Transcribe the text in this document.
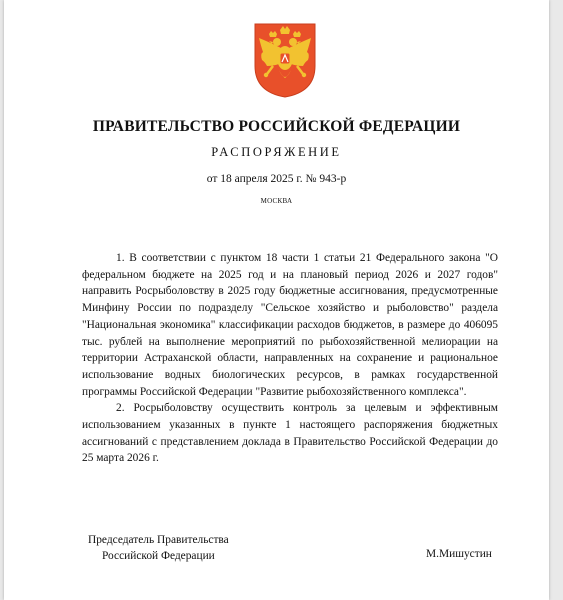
ПРАВИТЕЛЬСТВО РОССИЙСКОЙ ФЕДЕРАЦИИ
РАСПОРЯЖЕНИЕ
от 18 апреля 2025 г. № 943-р
МОСКВА

1. В соответствии с пунктом 18 части 1 статьи 21 Федерального закона "О федеральном бюджете на 2025 год и на плановый период 2026 и 2027 годов" направить Росрыболовству в 2025 году бюджетные ассигнования, предусмотренные Минфину России по подразделу "Сельское хозяйство и рыболовство" раздела "Национальная экономика" классификации расходов бюджетов, в размере до 406095 тыс. рублей на выполнение мероприятий по рыбохозяйственной мелиорации на территории Астраханской области, направленных на сохранение и рациональное использование водных биологических ресурсов, в рамках государственной программы Российской Федерации "Развитие рыбохозяйственного комплекса".

2. Росрыболовству осуществить контроль за целевым и эффективным использованием указанных в пункте 1 настоящего распоряжения бюджетных ассигнований с представлением доклада в Правительство Российской Федерации до 25 марта 2026 г.

Председатель Правительства
Российской Федерации	М.Мишустин
